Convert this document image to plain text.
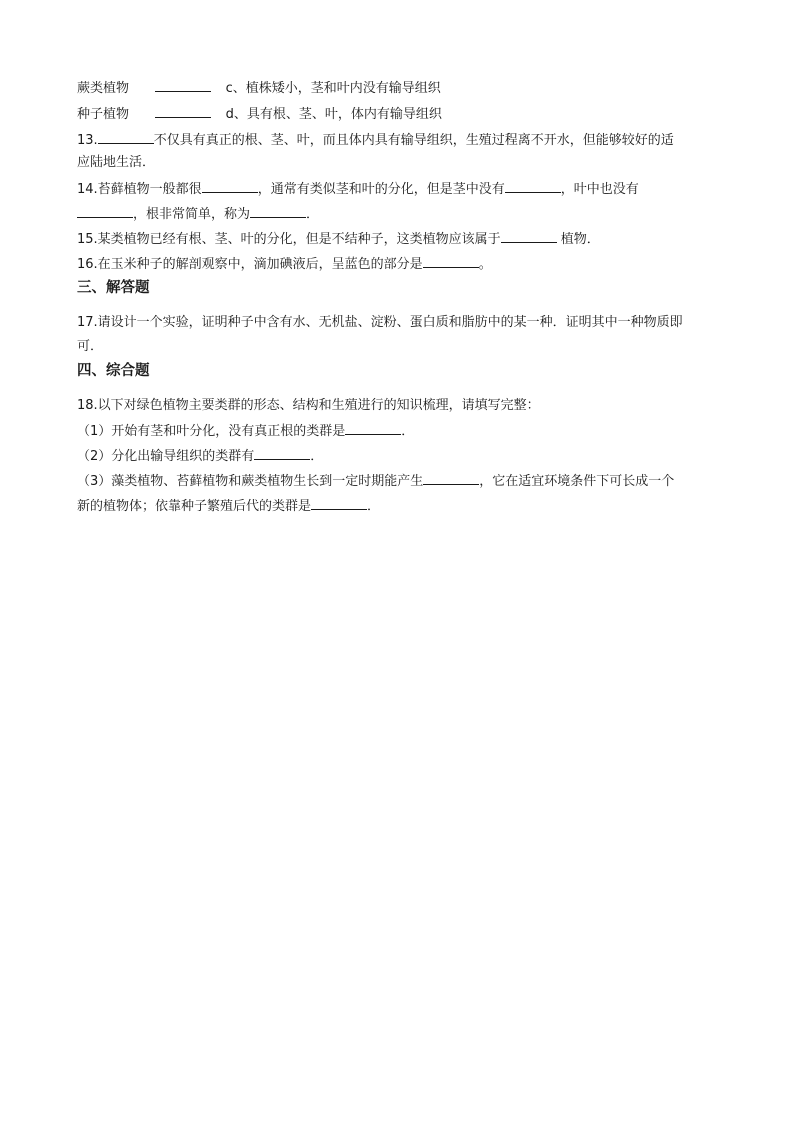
蕨类植物	c、植株矮小，茎和叶内没有输导组织
种子植物	d、具有根、茎、叶，体内有输导组织
13.	不仅具有真正的根、茎、叶，而且体内具有输导组织，生殖过程离不开水，但能够较好的适
应陆地生活．
14.苔藓植物一般都很	，通常有类似茎和叶的分化，但是茎中没有	，叶中也没有
，根非常简单，称为	．
15.某类植物已经有根、茎、叶的分化，但是不结种子，这类植物应该属于	植物．
16.在玉米种子的解剖观察中，滴加碘液后，呈蓝色的部分是	。
三、解答题
17.请设计一个实验，证明种子中含有水、无机盐、淀粉、蛋白质和脂肪中的某一种．证明其中一种物质即
可．
四、综合题
18.以下对绿色植物主要类群的形态、结构和生殖进行的知识梳理，请填写完整：
（1）开始有茎和叶分化，没有真正根的类群是	．
（2）分化出输导组织的类群有	．
（3）藻类植物、苔藓植物和蕨类植物生长到一定时期能产生	，它在适宜环境条件下可长成一个
新的植物体；依靠种子繁殖后代的类群是	．
